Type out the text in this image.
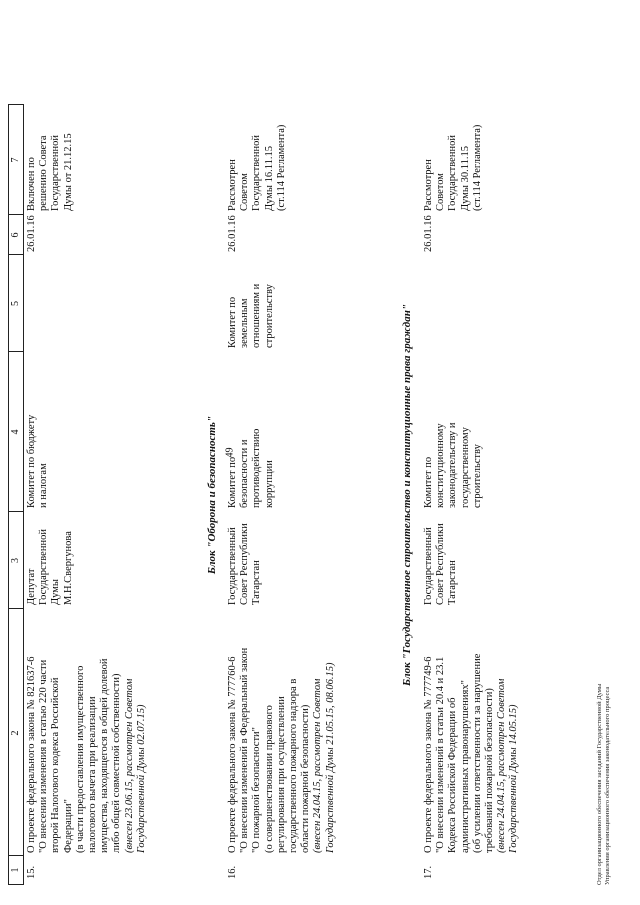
49
1
2
3
4
5
6
7
15.
О проекте федерального закона № 821637-6 "О внесении изменения в статью 220 части второй Налогового кодекса Российской Федерации" (в части предоставления имущественного налогового вычета при реализации имущества, находящегося в общей долевой либо общей совместной собственности) (внесен 23.06.15, рассмотрен Советом Государственной Думы 02.07.15)
Депутат Государственной Думы М.Н.Свергунова
Комитет по бюджету и налогам
26.01.16
Включен по решению Совета Государственной Думы от 21.12.15
Блок "Оборона и безопасность"
16.
О проекте федерального закона № 777760-6 "О внесении изменений в Федеральный закон "О пожарной безопасности" (о совершенствовании правового регулирования при осуществлении государственного пожарного надзора в области пожарной безопасности) (внесен 24.04.15, рассмотрен Советом Государственной Думы 21.05.15, 08.06.15)
Государственный Совет Республики Татарстан
Комитет по безопасности и противодействию коррупции
Комитет по земельным отношениям и строительству
26.01.16
Рассмотрен Советом Государственной Думы 16.11.15 (ст.114 Регламента)
Блок "Государственное строительство и конституционные права граждан"
17.
О проекте федерального закона № 777749-6 "О внесении изменений в статьи 20.4 и 23.1 Кодекса Российской Федерации об административных правонарушениях" (об усилении ответственности за нарушение требований пожарной безопасности) (внесен 24.04.15, рассмотрен Советом Государственной Думы 14.05.15)
Государственный Совет Республики Татарстан
Комитет по конституционному законодательству и государственному строительству
26.01.16
Рассмотрен Советом Государственной Думы 30.11.15 (ст.114 Регламента)
Отдел организационного обеспечения заседаний Государственной Думы Управления организационного обеспечения законодательного процесса
